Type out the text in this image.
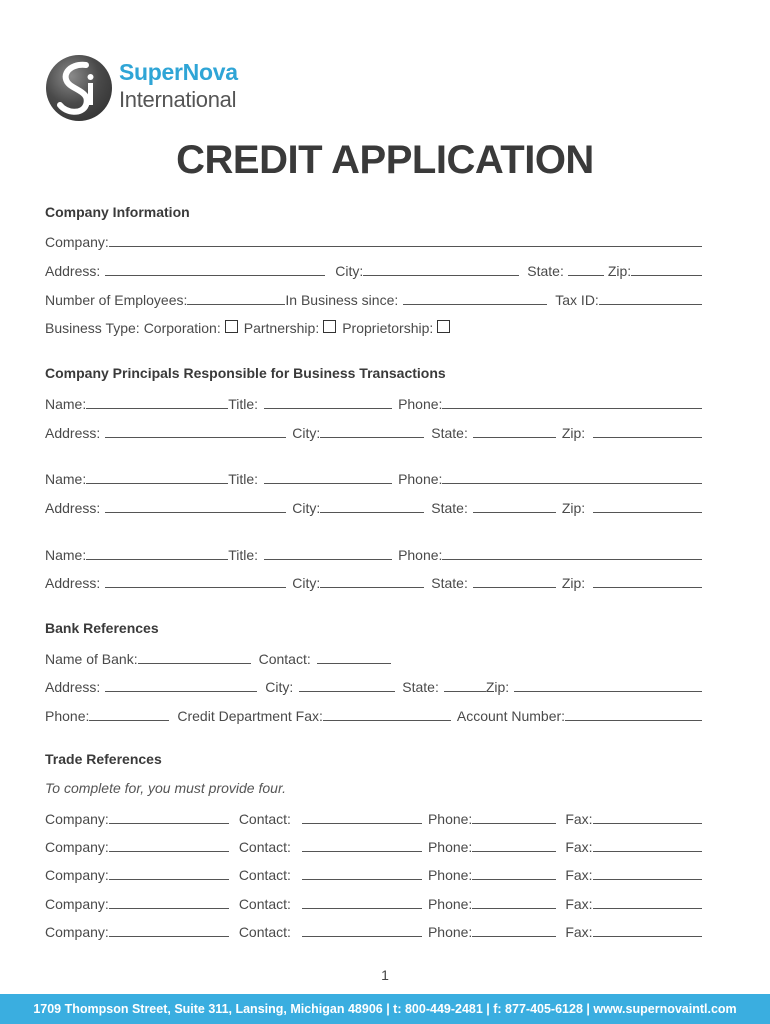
SuperNova
International
CREDIT APPLICATION
Company Information
Company:
Address:	City:	State:	Zip:
Number of Employees:	In Business since:	Tax ID:
Business Type: Corporation: Partnership: Proprietorship:
Company Principals Responsible for Business Transactions
Name:	Title:	Phone:
Address:	City:	State:	Zip:
Name:	Title:	Phone:
Address:	City:	State:	Zip:
Name:	Title:	Phone:
Address:	City:	State:	Zip:
Bank References
Name of Bank:	Contact:
Address:	City:	State:	Zip:
Phone:	Credit Department Fax:	Account Number:
Trade References
To complete for, you must provide four.
Company:	Contact:	Phone:	Fax:
Company:	Contact:	Phone:	Fax:
Company:	Contact:	Phone:	Fax:
Company:	Contact:	Phone:	Fax:
Company:	Contact:	Phone:	Fax:
1
1709 Thompson Street, Suite 311, Lansing, Michigan 48906 | t: 800-449-2481 | f: 877-405-6128 | www.supernovaintl.com
